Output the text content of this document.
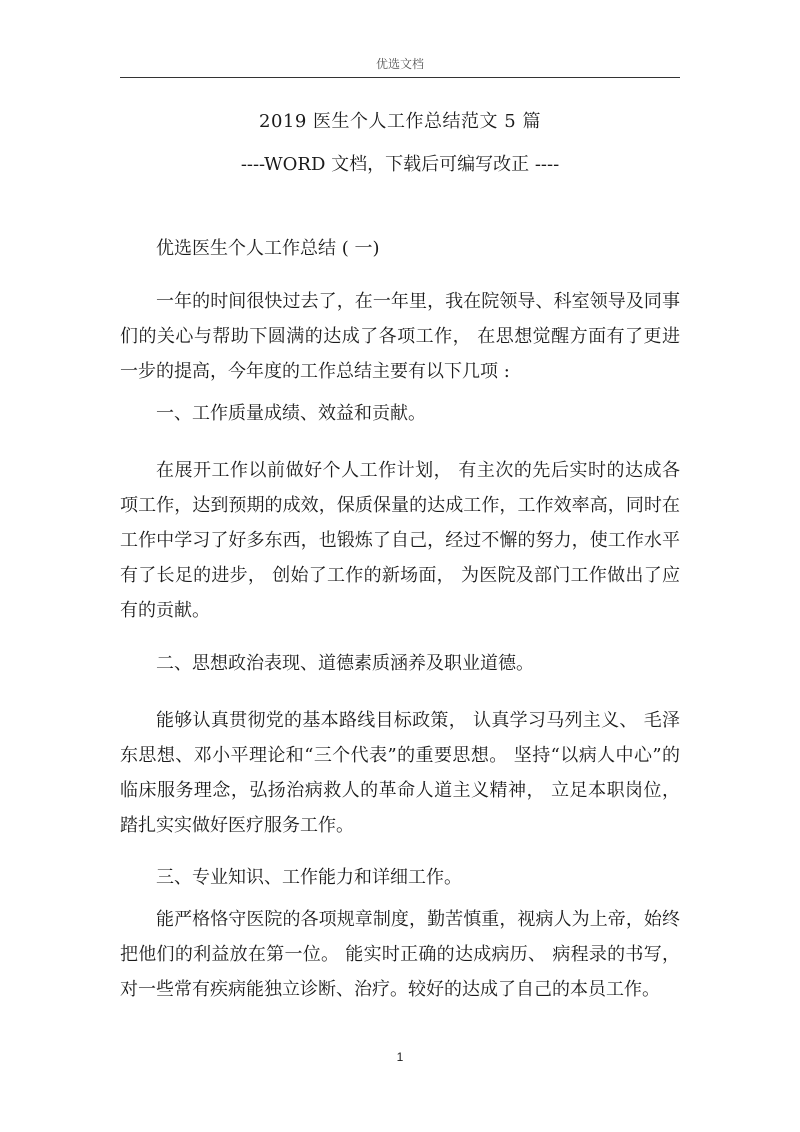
优选文档
2019 医生个人工作总结范文 5 篇
----WORD 文档，下载后可编写改正 ----

优选医生个人工作总结 ( 一)

一年的时间很快过去了，在一年里，我在院领导、科室领导及同事们的关心与帮助下圆满的达成了各项工作， 在思想觉醒方面有了更进一步的提高，今年度的工作总结主要有以下几项 :

一、工作质量成绩、效益和贡献。

在展开工作以前做好个人工作计划， 有主次的先后实时的达成各项工作，达到预期的成效，保质保量的达成工作，工作效率高，同时在工作中学习了好多东西，也锻炼了自己，经过不懈的努力，使工作水平有了长足的进步， 创始了工作的新场面， 为医院及部门工作做出了应有的贡献。

二、思想政治表现、道德素质涵养及职业道德。

能够认真贯彻党的基本路线目标政策， 认真学习马列主义、 毛泽东思想、邓小平理论和“三个代表”的重要思想。 坚持“以病人中心”的临床服务理念，弘扬治病救人的革命人道主义精神， 立足本职岗位，踏扎实实做好医疗服务工作。

三、专业知识、工作能力和详细工作。

能严格恪守医院的各项规章制度，勤苦慎重，视病人为上帝，始终把他们的利益放在第一位。 能实时正确的达成病历、 病程录的书写，对一些常有疾病能独立诊断、治疗。较好的达成了自己的本员工作。

1
